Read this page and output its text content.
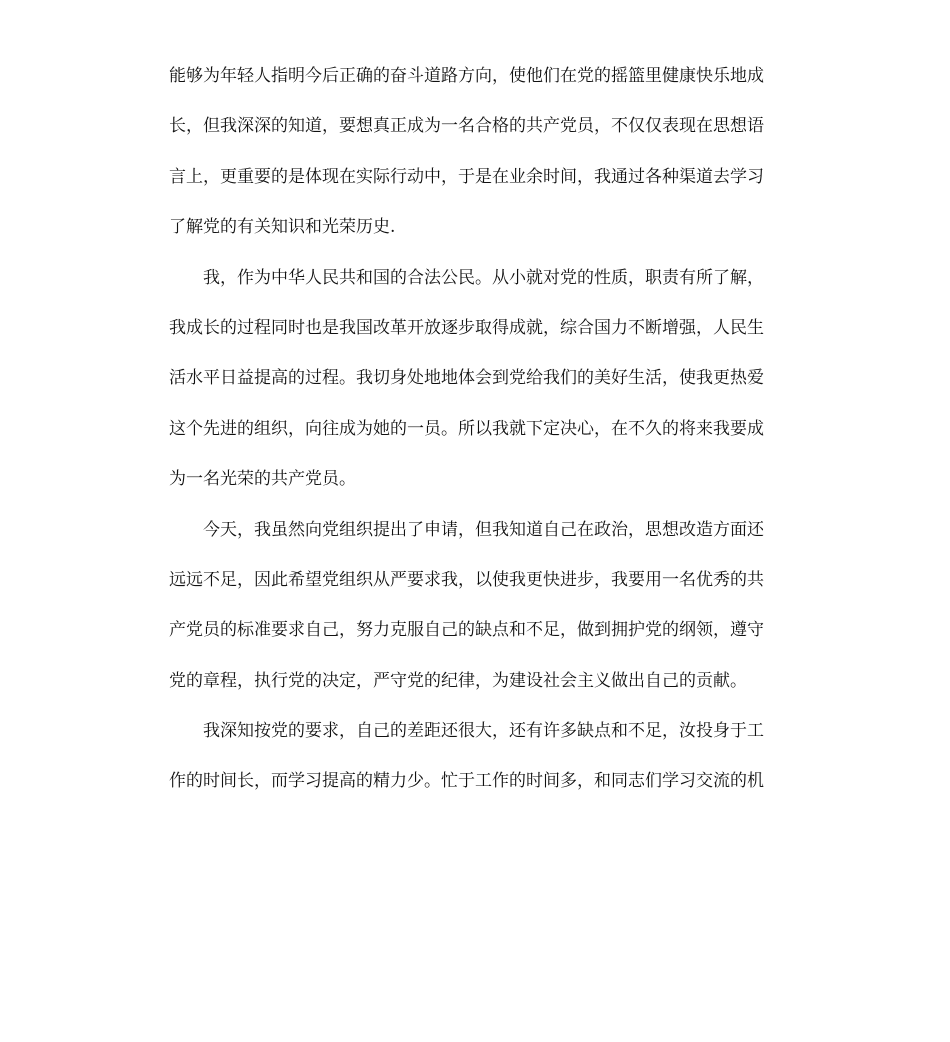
能够为年轻人指明今后正确的奋斗道路方向，使他们在党的摇篮里健康快乐地成
长，但我深深的知道，要想真正成为一名合格的共产党员，不仅仅表现在思想语
言上，更重要的是体现在实际行动中，于是在业余时间，我通过各种渠道去学习
了解党的有关知识和光荣历史.
我，作为中华人民共和国的合法公民。从小就对党的性质，职责有所了解，
我成长的过程同时也是我国改革开放逐步取得成就，综合国力不断增强，人民生
活水平日益提高的过程。我切身处地地体会到党给我们的美好生活，使我更热爱
这个先进的组织，向往成为她的一员。所以我就下定决心，在不久的将来我要成
为一名光荣的共产党员。
今天，我虽然向党组织提出了申请，但我知道自己在政治，思想改造方面还
远远不足，因此希望党组织从严要求我，以使我更快进步，我要用一名优秀的共
产党员的标准要求自己，努力克服自己的缺点和不足，做到拥护党的纲领，遵守
党的章程，执行党的决定，严守党的纪律，为建设社会主义做出自己的贡献。
我深知按党的要求，自己的差距还很大，还有许多缺点和不足，汝投身于工
作的时间长，而学习提高的精力少。忙于工作的时间多，和同志们学习交流的机
